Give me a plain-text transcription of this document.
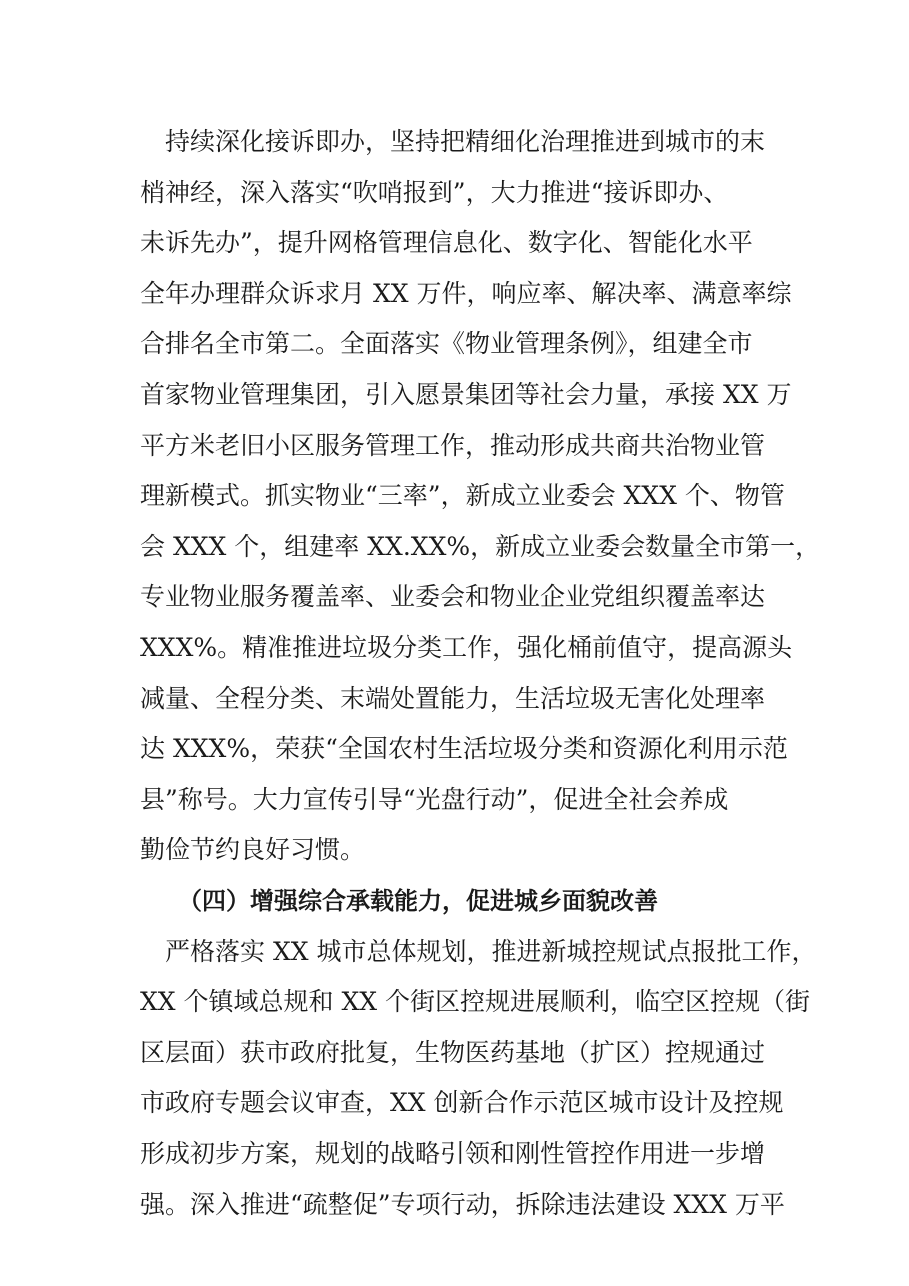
　持续深化接诉即办，坚持把精细化治理推进到城市的末
梢神经，深入落实“吹哨报到”，大力推进“接诉即办、
未诉先办”，提升网格管理信息化、数字化、智能化水平
全年办理群众诉求月 XX 万件，响应率、解决率、满意率综
合排名全市第二。全面落实《物业管理条例》，组建全市
首家物业管理集团，引入愿景集团等社会力量，承接 XX 万
平方米老旧小区服务管理工作，推动形成共商共治物业管
理新模式。抓实物业“三率”，新成立业委会 XXX 个、物管
会 XXX 个，组建率 XX.XX%，新成立业委会数量全市第一，
专业物业服务覆盖率、业委会和物业企业党组织覆盖率达
XXX%。精准推进垃圾分类工作，强化桶前值守，提高源头
减量、全程分类、末端处置能力，生活垃圾无害化处理率
达 XXX%，荣获“全国农村生活垃圾分类和资源化利用示范
县”称号。大力宣传引导“光盘行动”，促进全社会养成
勤俭节约良好习惯。
（四）增强综合承载能力，促进城乡面貌改善
　严格落实 XX 城市总体规划，推进新城控规试点报批工作，
XX 个镇域总规和 XX 个街区控规进展顺利，临空区控规（街
区层面）获市政府批复，生物医药基地（扩区）控规通过
市政府专题会议审查，XX 创新合作示范区城市设计及控规
形成初步方案，规划的战略引领和刚性管控作用进一步增
强。深入推进“疏整促”专项行动，拆除违法建设 XXX 万平
